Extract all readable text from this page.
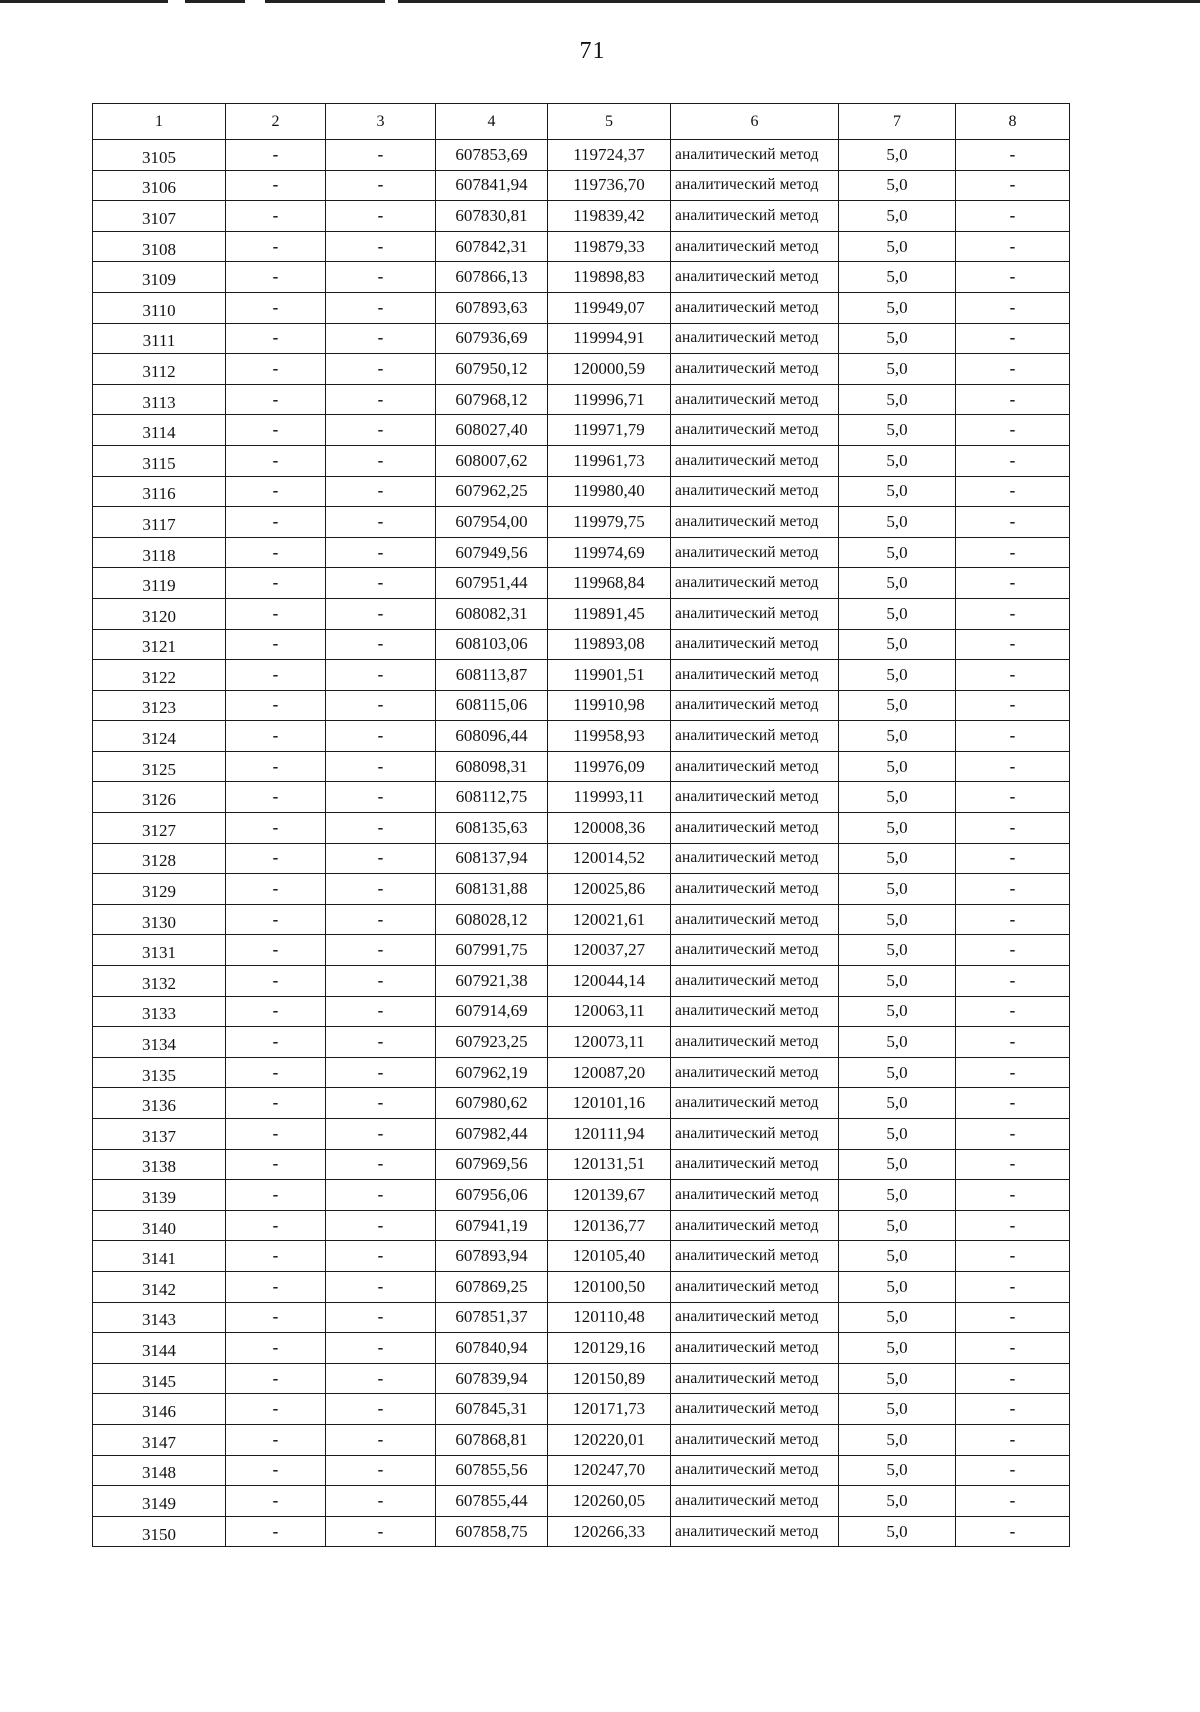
71
1	2	3	4	5	6	7	8
3105	-	-	607853,69	119724,37	аналитический метод	5,0	-
3106	-	-	607841,94	119736,70	аналитический метод	5,0	-
3107	-	-	607830,81	119839,42	аналитический метод	5,0	-
3108	-	-	607842,31	119879,33	аналитический метод	5,0	-
3109	-	-	607866,13	119898,83	аналитический метод	5,0	-
3110	-	-	607893,63	119949,07	аналитический метод	5,0	-
3111	-	-	607936,69	119994,91	аналитический метод	5,0	-
3112	-	-	607950,12	120000,59	аналитический метод	5,0	-
3113	-	-	607968,12	119996,71	аналитический метод	5,0	-
3114	-	-	608027,40	119971,79	аналитический метод	5,0	-
3115	-	-	608007,62	119961,73	аналитический метод	5,0	-
3116	-	-	607962,25	119980,40	аналитический метод	5,0	-
3117	-	-	607954,00	119979,75	аналитический метод	5,0	-
3118	-	-	607949,56	119974,69	аналитический метод	5,0	-
3119	-	-	607951,44	119968,84	аналитический метод	5,0	-
3120	-	-	608082,31	119891,45	аналитический метод	5,0	-
3121	-	-	608103,06	119893,08	аналитический метод	5,0	-
3122	-	-	608113,87	119901,51	аналитический метод	5,0	-
3123	-	-	608115,06	119910,98	аналитический метод	5,0	-
3124	-	-	608096,44	119958,93	аналитический метод	5,0	-
3125	-	-	608098,31	119976,09	аналитический метод	5,0	-
3126	-	-	608112,75	119993,11	аналитический метод	5,0	-
3127	-	-	608135,63	120008,36	аналитический метод	5,0	-
3128	-	-	608137,94	120014,52	аналитический метод	5,0	-
3129	-	-	608131,88	120025,86	аналитический метод	5,0	-
3130	-	-	608028,12	120021,61	аналитический метод	5,0	-
3131	-	-	607991,75	120037,27	аналитический метод	5,0	-
3132	-	-	607921,38	120044,14	аналитический метод	5,0	-
3133	-	-	607914,69	120063,11	аналитический метод	5,0	-
3134	-	-	607923,25	120073,11	аналитический метод	5,0	-
3135	-	-	607962,19	120087,20	аналитический метод	5,0	-
3136	-	-	607980,62	120101,16	аналитический метод	5,0	-
3137	-	-	607982,44	120111,94	аналитический метод	5,0	-
3138	-	-	607969,56	120131,51	аналитический метод	5,0	-
3139	-	-	607956,06	120139,67	аналитический метод	5,0	-
3140	-	-	607941,19	120136,77	аналитический метод	5,0	-
3141	-	-	607893,94	120105,40	аналитический метод	5,0	-
3142	-	-	607869,25	120100,50	аналитический метод	5,0	-
3143	-	-	607851,37	120110,48	аналитический метод	5,0	-
3144	-	-	607840,94	120129,16	аналитический метод	5,0	-
3145	-	-	607839,94	120150,89	аналитический метод	5,0	-
3146	-	-	607845,31	120171,73	аналитический метод	5,0	-
3147	-	-	607868,81	120220,01	аналитический метод	5,0	-
3148	-	-	607855,56	120247,70	аналитический метод	5,0	-
3149	-	-	607855,44	120260,05	аналитический метод	5,0	-
3150	-	-	607858,75	120266,33	аналитический метод	5,0	-
